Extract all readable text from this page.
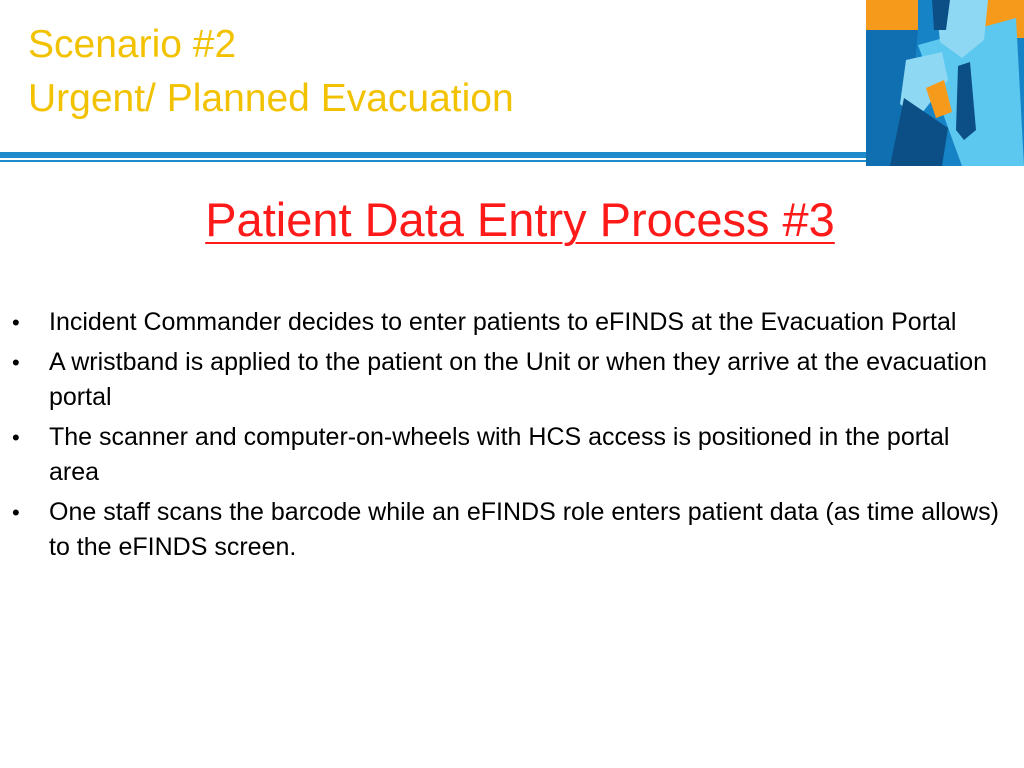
Scenario #2
Urgent/ Planned Evacuation
Patient Data Entry Process #3
• Incident Commander decides to enter patients to eFINDS at the Evacuation Portal
• A wristband is applied to the patient on the Unit or when they arrive at the evacuation portal
• The scanner and computer-on-wheels with HCS access is positioned in the portal area
• One staff scans the barcode while an eFINDS role enters patient data (as time allows) to the eFINDS screen.
